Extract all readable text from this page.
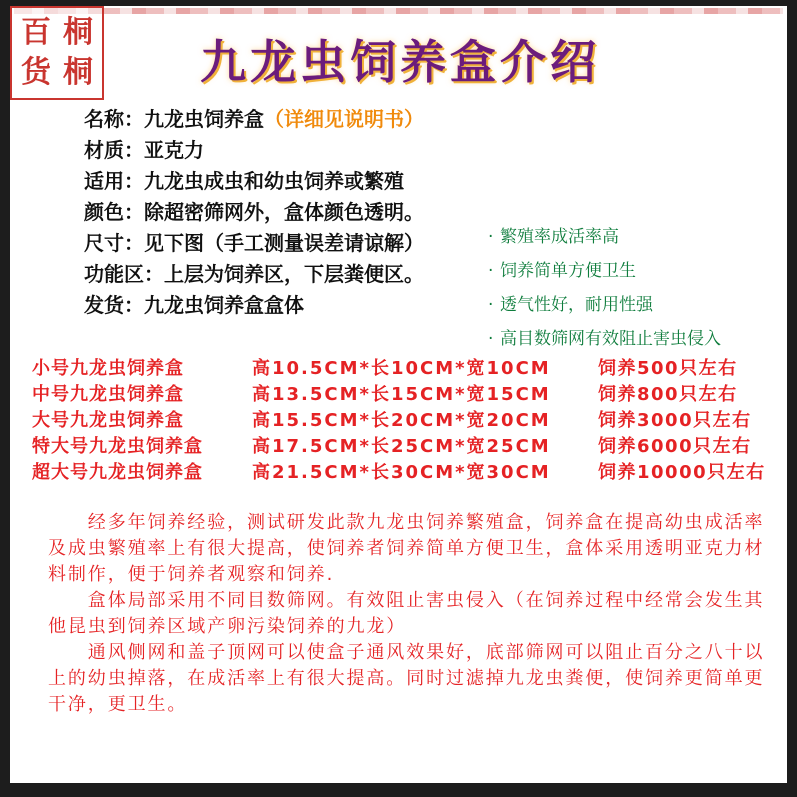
百 桐
货 桐	九龙虫饲养盒介绍
名称：九龙虫饲养盒（详细见说明书）
材质：亚克力
适用：九龙虫成虫和幼虫饲养或繁殖
颜色：除超密筛网外，盒体颜色透明。
尺寸：见下图（手工测量误差请谅解）
功能区：上层为饲养区，下层粪便区。
发货：九龙虫饲养盒盒体
· 繁殖率成活率高
· 饲养简单方便卫生
· 透气性好，耐用性强
· 高目数筛网有效阻止害虫侵入
小号九龙虫饲养盒	高10.5CM*长10CM*宽10CM	饲养500只左右
中号九龙虫饲养盒	高13.5CM*长15CM*宽15CM	饲养800只左右
大号九龙虫饲养盒	高15.5CM*长20CM*宽20CM	饲养3000只左右
特大号九龙虫饲养盒	高17.5CM*长25CM*宽25CM	饲养6000只左右
超大号九龙虫饲养盒	高21.5CM*长30CM*宽30CM	饲养10000只左右

　　经多年饲养经验，测试研发此款九龙虫饲养繁殖盒，饲养盒在提高幼虫成活率及成虫繁殖率上有很大提高，使饲养者饲养简单方便卫生，盒体采用透明亚克力材料制作，便于饲养者观察和饲养.

　　盒体局部采用不同目数筛网。有效阻止害虫侵入（在饲养过程中经常会发生其他昆虫到饲养区域产卵污染饲养的九龙）

　　通风侧网和盖子顶网可以使盒子通风效果好，底部筛网可以阻止百分之八十以上的幼虫掉落，在成活率上有很大提高。同时过滤掉九龙虫粪便，使饲养更简单更干净，更卫生。
